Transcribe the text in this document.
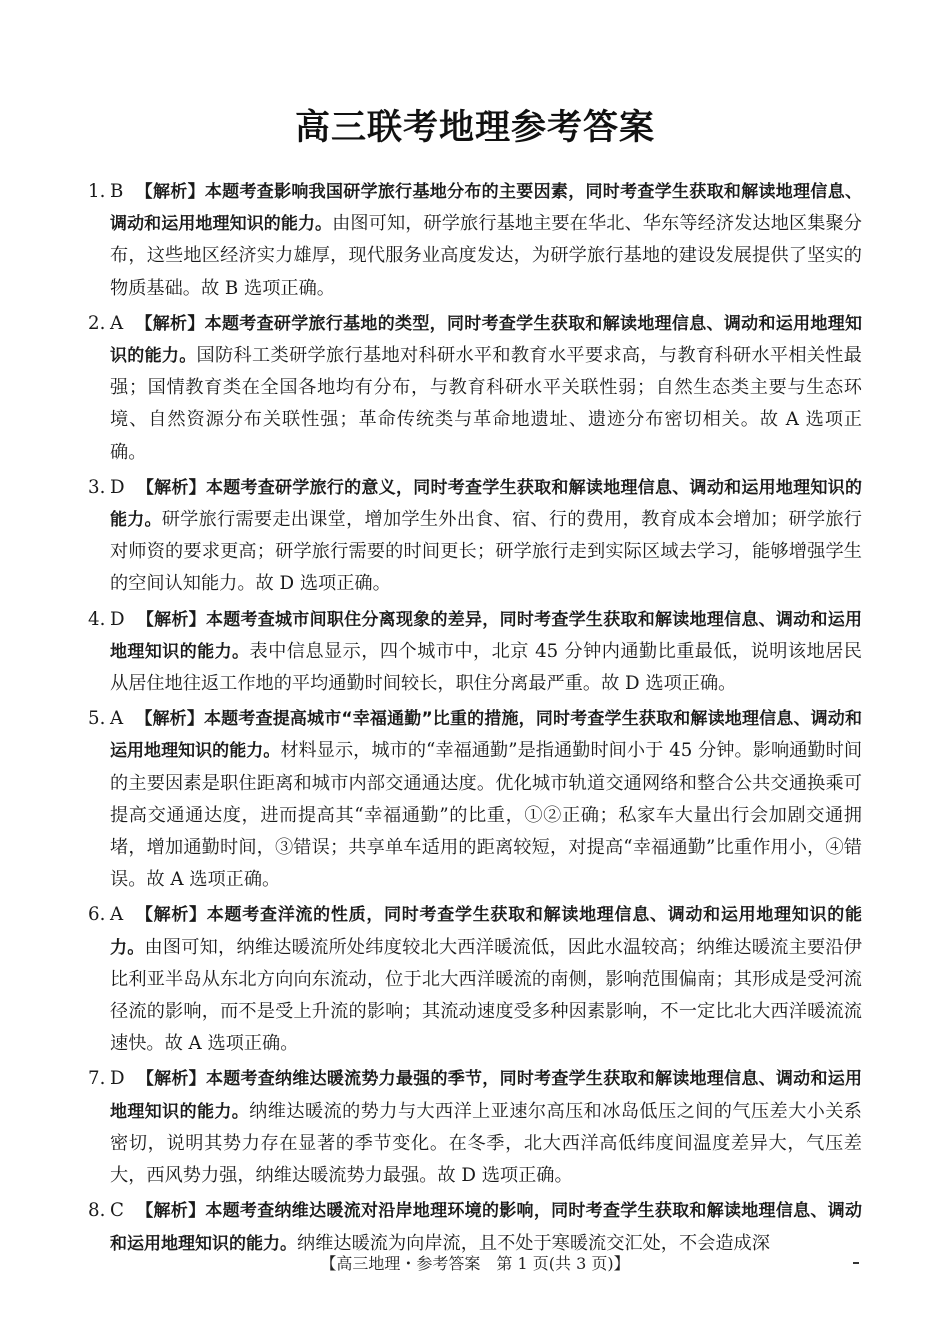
高三联考地理参考答案
1. B 【解析】本题考查影响我国研学旅行基地分布的主要因素，同时考查学生获取和解读地理信息、调动和运用地理知识的能力。由图可知，研学旅行基地主要在华北、华东等经济发达地区集聚分布，这些地区经济实力雄厚，现代服务业高度发达，为研学旅行基地的建设发展提供了坚实的物质基础。故 B 选项正确。
2. A 【解析】本题考查研学旅行基地的类型，同时考查学生获取和解读地理信息、调动和运用地理知识的能力。国防科工类研学旅行基地对科研水平和教育水平要求高，与教育科研水平相关性最强；国情教育类在全国各地均有分布，与教育科研水平关联性弱；自然生态类主要与生态环境、自然资源分布关联性强；革命传统类与革命地遗址、遗迹分布密切相关。故 A 选项正确。
3. D 【解析】本题考查研学旅行的意义，同时考查学生获取和解读地理信息、调动和运用地理知识的能力。研学旅行需要走出课堂，增加学生外出食、宿、行的费用，教育成本会增加；研学旅行对师资的要求更高；研学旅行需要的时间更长；研学旅行走到实际区域去学习，能够增强学生的空间认知能力。故 D 选项正确。
4. D 【解析】本题考查城市间职住分离现象的差异，同时考查学生获取和解读地理信息、调动和运用地理知识的能力。表中信息显示，四个城市中，北京 45 分钟内通勤比重最低，说明该地居民从居住地往返工作地的平均通勤时间较长，职住分离最严重。故 D 选项正确。
5. A 【解析】本题考查提高城市“幸福通勤”比重的措施，同时考查学生获取和解读地理信息、调动和运用地理知识的能力。材料显示，城市的“幸福通勤”是指通勤时间小于 45 分钟。影响通勤时间的主要因素是职住距离和城市内部交通通达度。优化城市轨道交通网络和整合公共交通换乘可提高交通通达度，进而提高其“幸福通勤”的比重，①②正确；私家车大量出行会加剧交通拥堵，增加通勤时间，③错误；共享单车适用的距离较短，对提高“幸福通勤”比重作用小，④错误。故 A 选项正确。
6. A 【解析】本题考查洋流的性质，同时考查学生获取和解读地理信息、调动和运用地理知识的能力。由图可知，纳维达暖流所处纬度较北大西洋暖流低，因此水温较高；纳维达暖流主要沿伊比利亚半岛从东北方向向东流动，位于北大西洋暖流的南侧，影响范围偏南；其形成是受河流径流的影响，而不是受上升流的影响；其流动速度受多种因素影响，不一定比北大西洋暖流流速快。故 A 选项正确。
7. D 【解析】本题考查纳维达暖流势力最强的季节，同时考查学生获取和解读地理信息、调动和运用地理知识的能力。纳维达暖流的势力与大西洋上亚速尔高压和冰岛低压之间的气压差大小关系密切，说明其势力存在显著的季节变化。在冬季，北大西洋高低纬度间温度差异大，气压差大，西风势力强，纳维达暖流势力最强。故 D 选项正确。
8. C 【解析】本题考查纳维达暖流对沿岸地理环境的影响，同时考查学生获取和解读地理信息、调动和运用地理知识的能力。纳维达暖流为向岸流，且不处于寒暖流交汇处，不会造成深
【高三地理・参考答案　第 1 页(共 3 页)】
